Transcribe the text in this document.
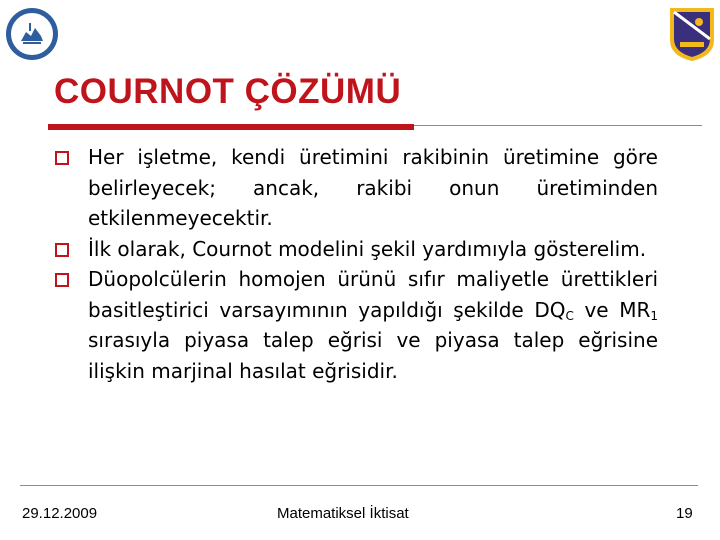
COURNOT ÇÖZÜMÜ
Her işletme, kendi üretimini rakibinin üretimine göre belirleyecek; ancak, rakibi onun üretiminden etkilenmeyecektir.
İlk olarak, Cournot modelini şekil yardımıyla gösterelim.
Düopolcülerin homojen ürünü sıfır maliyetle ürettikleri basitleştirici varsayımının yapıldığı şekilde $DQ_C$ ve $MR_1$ sırasıyla piyasa talep eğrisi ve piyasa talep eğrisine ilişkin marjinal hasılat eğrisidir.
29.12.2009	Matematiksel İktisat	19
